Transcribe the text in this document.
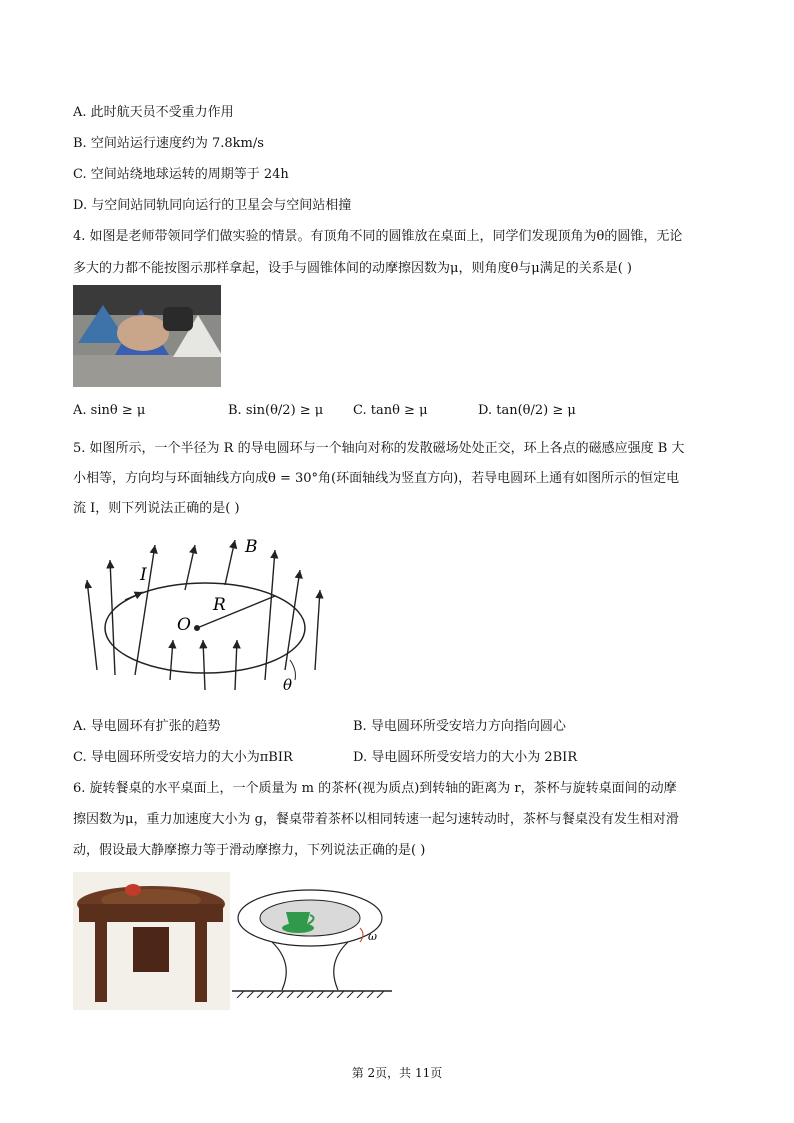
A. 此时航天员不受重力作用
B. 空间站运行速度约为 7.8km/s
C. 空间站绕地球运转的周期等于 24h
D. 与空间站同轨同向运行的卫星会与空间站相撞
4. 如图是老师带领同学们做实验的情景。有顶角不同的圆锥放在桌面上，同学们发现顶角为θ的圆锥，无论
多大的力都不能按图示那样拿起，设手与圆锥体间的动摩擦因数为μ，则角度θ与μ满足的关系是( )
A. sinθ ≥ μ	B. sin(θ/2) ≥ μ C. tanθ ≥ μ	D. tan(θ/2) ≥ μ
5. 如图所示，一个半径为 R 的导电圆环与一个轴向对称的发散磁场处处正交，环上各点的磁感应强度 B 大
小相等，方向均与环面轴线方向成θ = 30°角(环面轴线为竖直方向)，若导电圆环上通有如图所示的恒定电
流 I，则下列说法正确的是( )
B
I
R
O
θ
A. 导电圆环有扩张的趋势	B. 导电圆环所受安培力方向指向圆心
C. 导电圆环所受安培力的大小为πBIR	D. 导电圆环所受安培力的大小为 2BIR
6. 旋转餐桌的水平桌面上，一个质量为 m 的茶杯(视为质点)到转轴的距离为 r，茶杯与旋转桌面间的动摩
擦因数为μ，重力加速度大小为 g，餐桌带着茶杯以相同转速一起匀速转动时，茶杯与餐桌没有发生相对滑
动，假设最大静摩擦力等于滑动摩擦力，下列说法正确的是( )
ω
第 2页，共 11页
